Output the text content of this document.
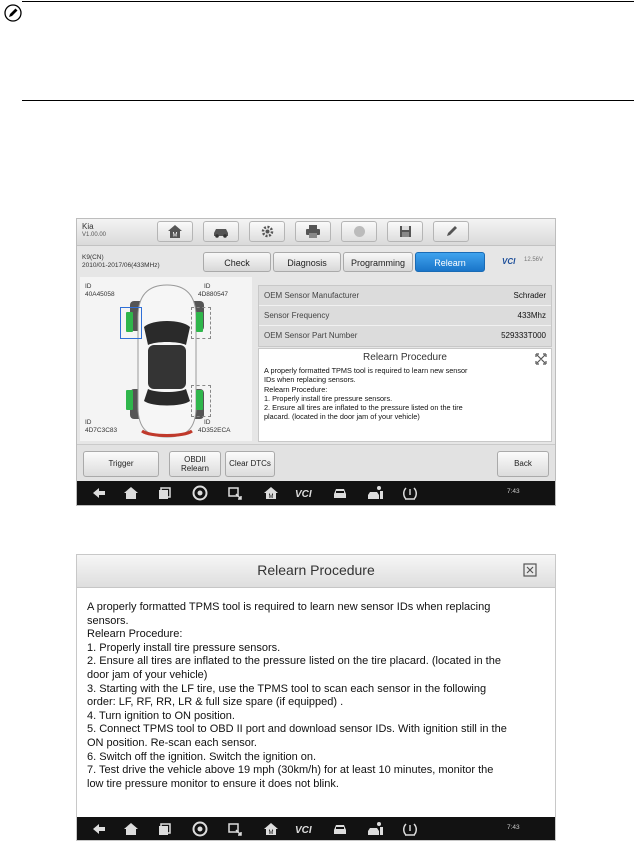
Kia
V1.00.00	M
K9(CN)
2010/01-2017/06(433MHz)	Check	Diagnosis	Programming	Relearn	VCI 12.56V
ID
40A45058
ID
4D880547
ID
4D7C3C83
ID
4D352ECA
OEM Sensor Manufacturer	Schrader
Sensor Frequency	433Mhz
OEM Sensor Part Number	529333T000
Relearn Procedure
A properly formatted TPMS tool is required to learn new sensor
IDs when replacing sensors.
Relearn Procedure:
1. Properly install tire pressure sensors.
2. Ensure all tires are inflated to the pressure listed on the tire
placard. (located in the door jam of your vehicle)
Trigger	OBDII
Relearn
Clear DTCs	Back
M VCI	7:43
Relearn Procedure
A properly formatted TPMS tool is required to learn new sensor IDs when replacing
sensors.
Relearn Procedure:
1. Properly install tire pressure sensors.
2. Ensure all tires are inflated to the pressure listed on the tire placard. (located in the
door jam of your vehicle)
3. Starting with the LF tire, use the TPMS tool to scan each sensor in the following
order: LF, RF, RR, LR & full size spare (if equipped) .
4. Turn ignition to ON position.
5. Connect TPMS tool to OBD II port and download sensor IDs. With ignition still in the
ON position. Re-scan each sensor.
6. Switch off the ignition. Switch the ignition on.
7. Test drive the vehicle above 19 mph (30km/h) for at least 10 minutes, monitor the
low tire pressure monitor to ensure it does not blink.
M VCI	7:43
